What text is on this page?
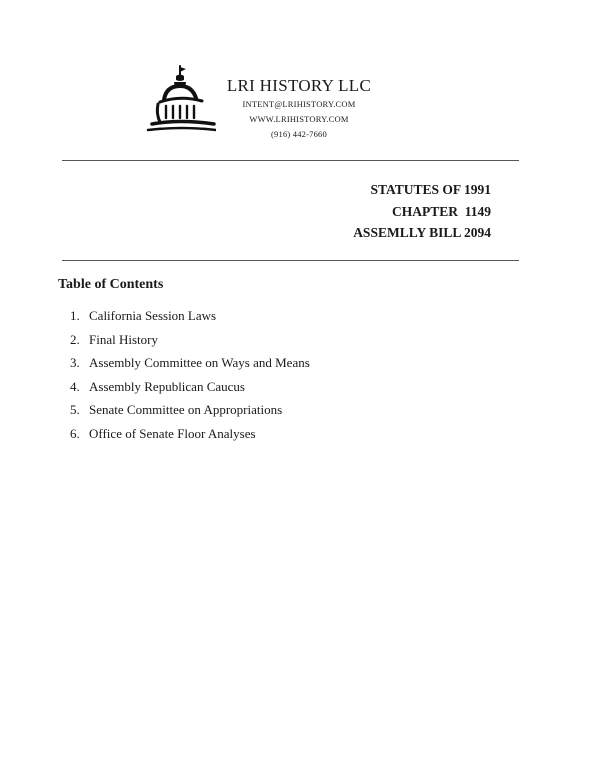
LRI HISTORY LLC
INTENT@LRIHISTORY.COM
WWW.LRIHISTORY.COM
(916) 442-7660
STATUTES OF 1991
CHAPTER  1149
ASSEMLLY BILL 2094
Table of Contents
1. California Session Laws
2. Final History
3. Assembly Committee on Ways and Means
4. Assembly Republican Caucus
5. Senate Committee on Appropriations
6. Office of Senate Floor Analyses
